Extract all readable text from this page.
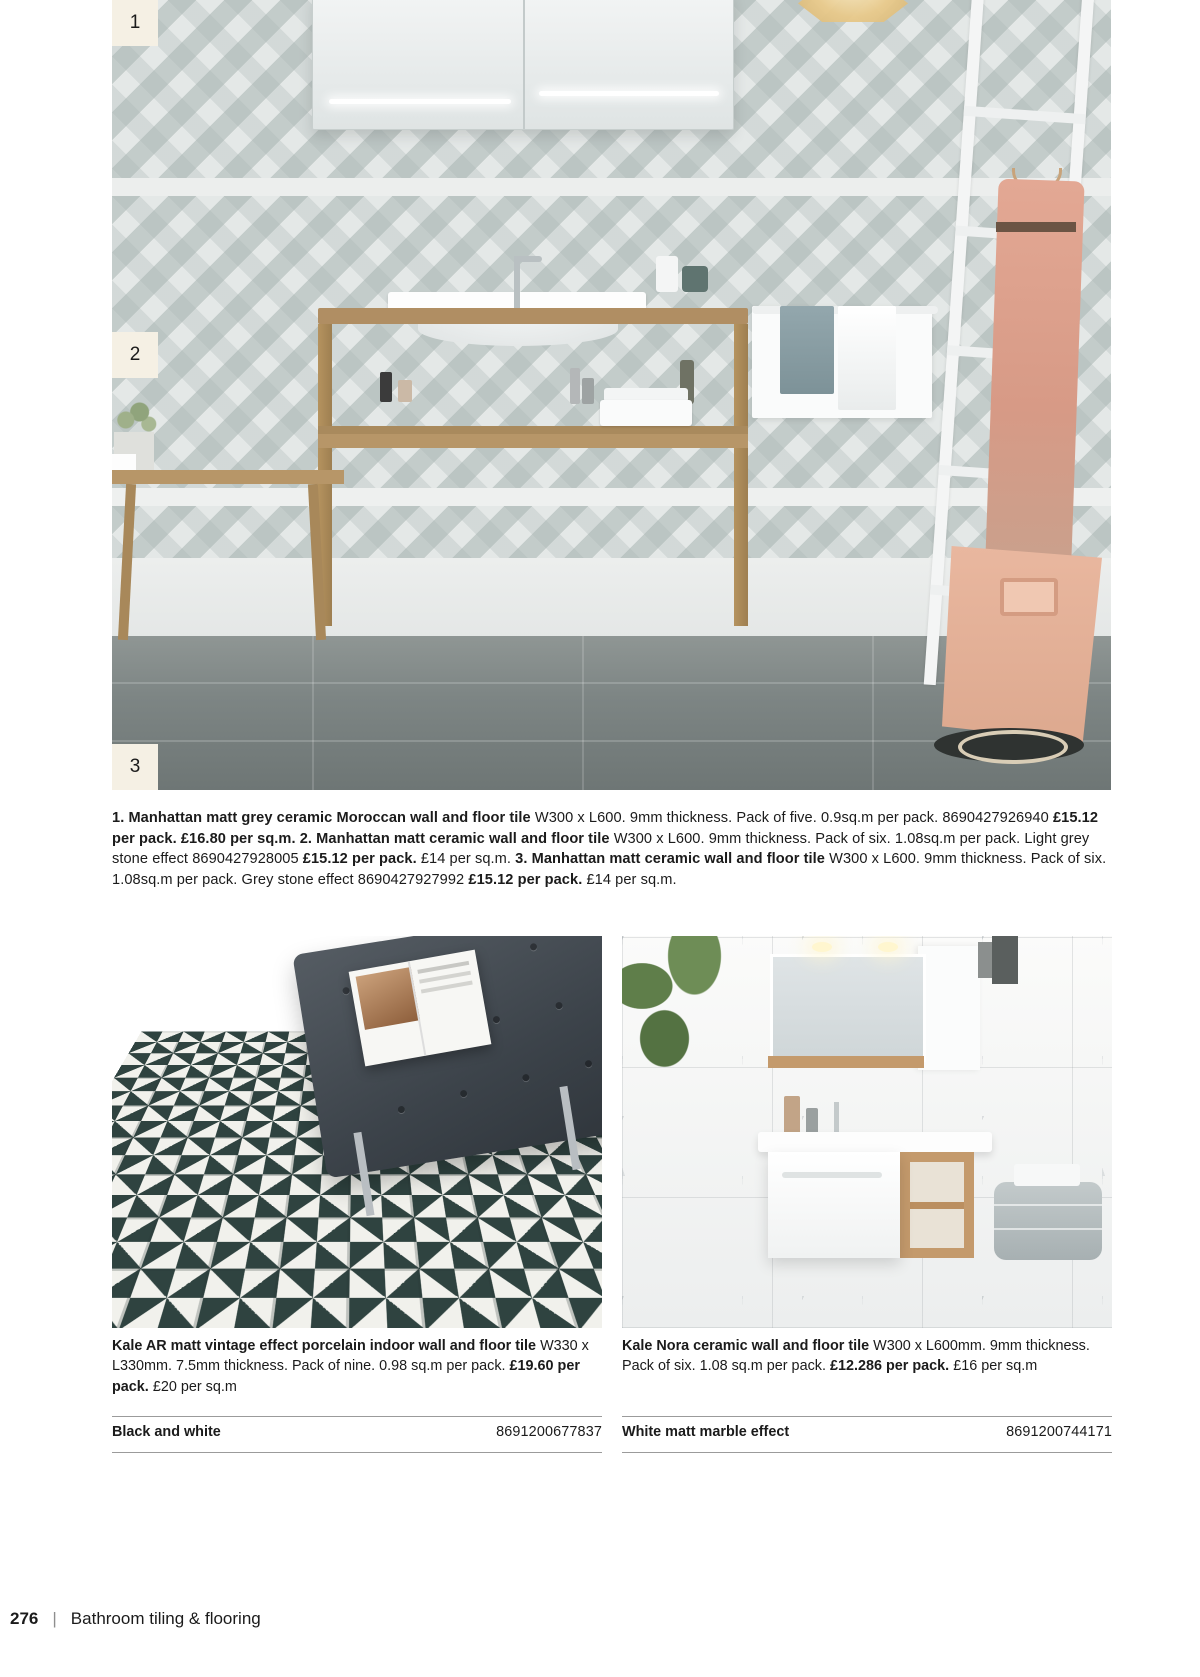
1
2
3
1. Manhattan matt grey ceramic Moroccan wall and floor tile W300 x L600. 9mm thickness. Pack of five. 0.9sq.m per pack. 8690427926940 £15.12 per pack. £16.80 per sq.m. 2. Manhattan matt ceramic wall and floor tile W300 x L600. 9mm thickness. Pack of six. 1.08sq.m per pack. Light grey stone effect 8690427928005 £15.12 per pack. £14 per sq.m. 3. Manhattan matt ceramic wall and floor tile W300 x L600. 9mm thickness. Pack of six. 1.08sq.m per pack. Grey stone effect 8690427927992 £15.12 per pack. £14 per sq.m.
Kale AR matt vintage effect porcelain indoor wall and floor tile W330 x L330mm. 7.5mm thickness. Pack of nine. 0.98 sq.m per pack. £19.60 per pack. £20 per sq.m
Black and white	8691200677837
Kale Nora ceramic wall and floor tile W300 x L600mm. 9mm thickness. Pack of six. 1.08 sq.m per pack. £12.286 per pack. £16 per sq.m
White matt marble effect	8691200744171
276 | Bathroom tiling & flooring
